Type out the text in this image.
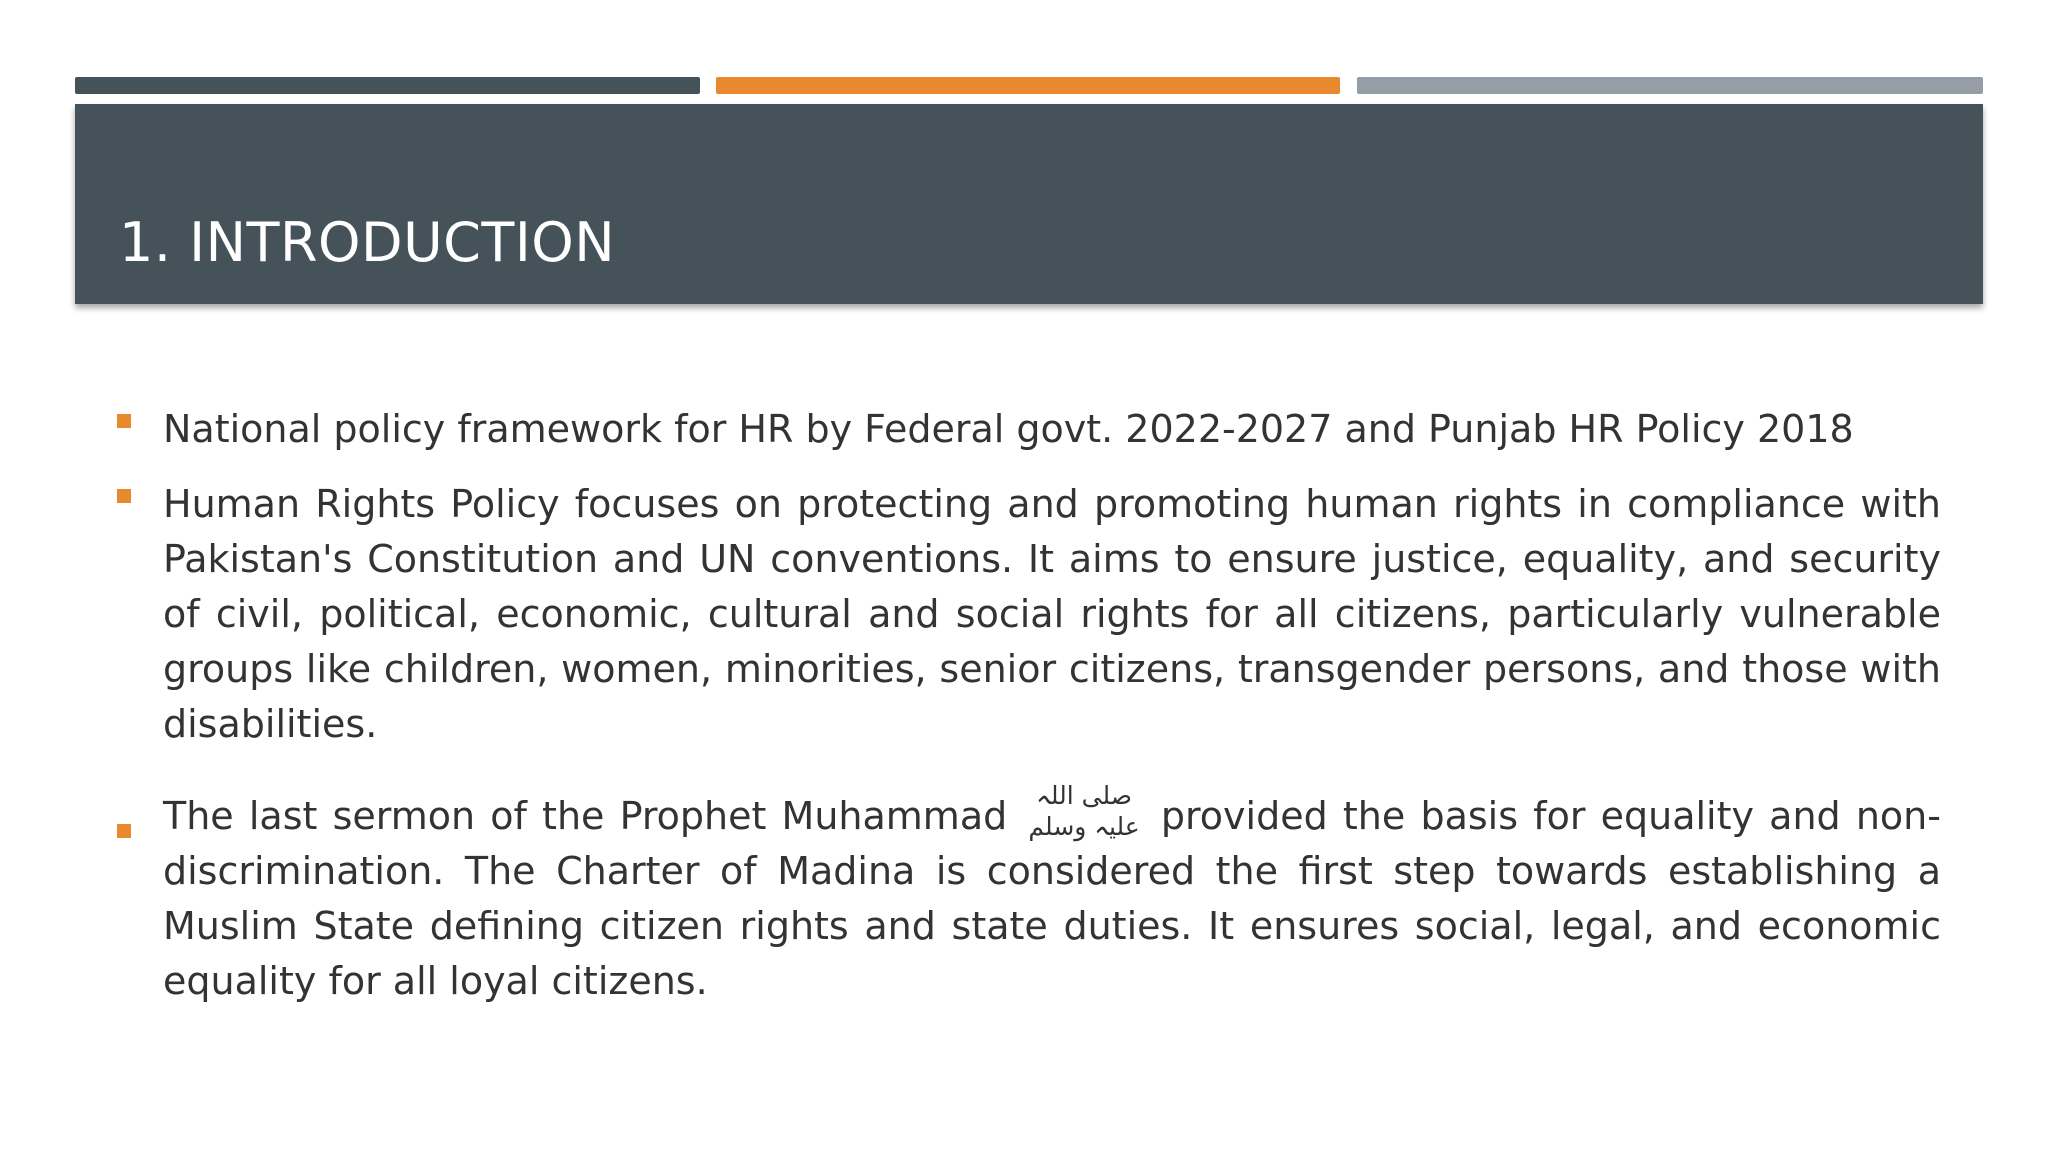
1. INTRODUCTION
National policy framework for HR by Federal govt. 2022-2027 and Punjab HR Policy 2018
Human Rights Policy focuses on protecting and promoting human rights in compliance with Pakistan's Constitution and UN conventions. It aims to ensure justice, equality, and security of civil, political, economic, cultural and social rights for all citizens, particularly vulnerable groups like children, women, minorities, senior citizens, transgender persons, and those with disabilities.
The last sermon of the Prophet Muhammad	صلی اللہ
علیہ وسلم provided the basis for equality and non-discrimination. The Charter of Madina is considered the first step towards establishing a Muslim State defining citizen rights and state duties. It ensures social, legal, and economic equality for all loyal citizens.
